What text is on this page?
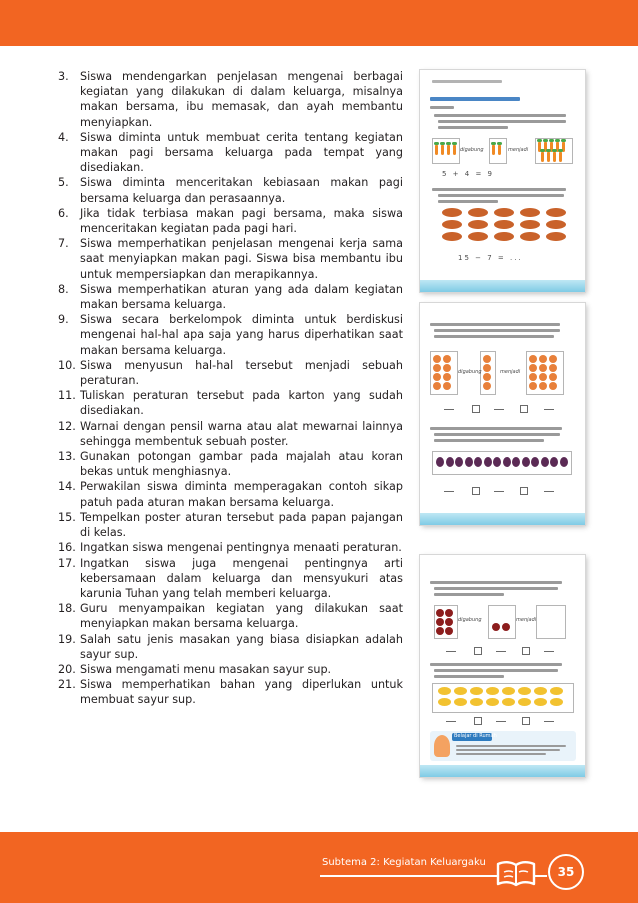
3. Siswa mendengarkan penjelasan mengenai berbagai kegiatan yang dilakukan di dalam keluarga, misalnya makan bersama, ibu memasak, dan ayah membantu menyiapkan.
4. Siswa diminta untuk membuat cerita tentang kegiatan makan pagi bersama keluarga pada tempat yang disediakan.
5. Siswa diminta menceritakan kebiasaan makan pagi bersama keluarga dan perasaannya.
6. Jika tidak terbiasa makan pagi bersama, maka siswa menceritakan kegiatan pada pagi hari.
7. Siswa memperhatikan penjelasan mengenai kerja sama saat menyiapkan makan pagi. Siswa bisa membantu ibu untuk mempersiapkan dan merapikannya.
8. Siswa memperhatikan aturan yang ada dalam kegiatan makan bersama keluarga.
9. Siswa secara berkelompok diminta untuk berdiskusi mengenai hal-hal apa saja yang harus diperhatikan saat makan bersama keluarga.
10. Siswa menyusun hal-hal tersebut menjadi sebuah peraturan.
11. Tuliskan peraturan tersebut pada karton yang sudah disediakan.
12. Warnai dengan pensil warna atau alat mewarnai lainnya sehingga membentuk sebuah poster.
13. Gunakan potongan gambar pada majalah atau koran bekas untuk menghiasnya.
14. Perwakilan siswa diminta memperagakan contoh sikap patuh pada aturan makan bersama keluarga.
15. Tempelkan poster aturan tersebut pada papan pajangan di kelas.
16. Ingatkan siswa mengenai pentingnya menaati peraturan.
17. Ingatkan siswa juga mengenai pentingnya arti kebersamaan dalam keluarga dan mensyukuri atas karunia Tuhan yang telah memberi keluarga.
18. Guru menyampaikan kegiatan yang dilakukan saat menyiapkan makan bersama keluarga.
19. Salah satu jenis masakan yang biasa disiapkan adalah sayur sup.
20. Siswa mengamati menu masakan sayur sup.
21. Siswa memperhatikan bahan yang diperlukan untuk membuat sayur sup.
digabung	menjadi
5 + 4 = 9
15 − 7 = ...
digabung	menjadi
digabung	menjadi
Belajar di Rumah
Subtema 2: Kegiatan Keluargaku
35
